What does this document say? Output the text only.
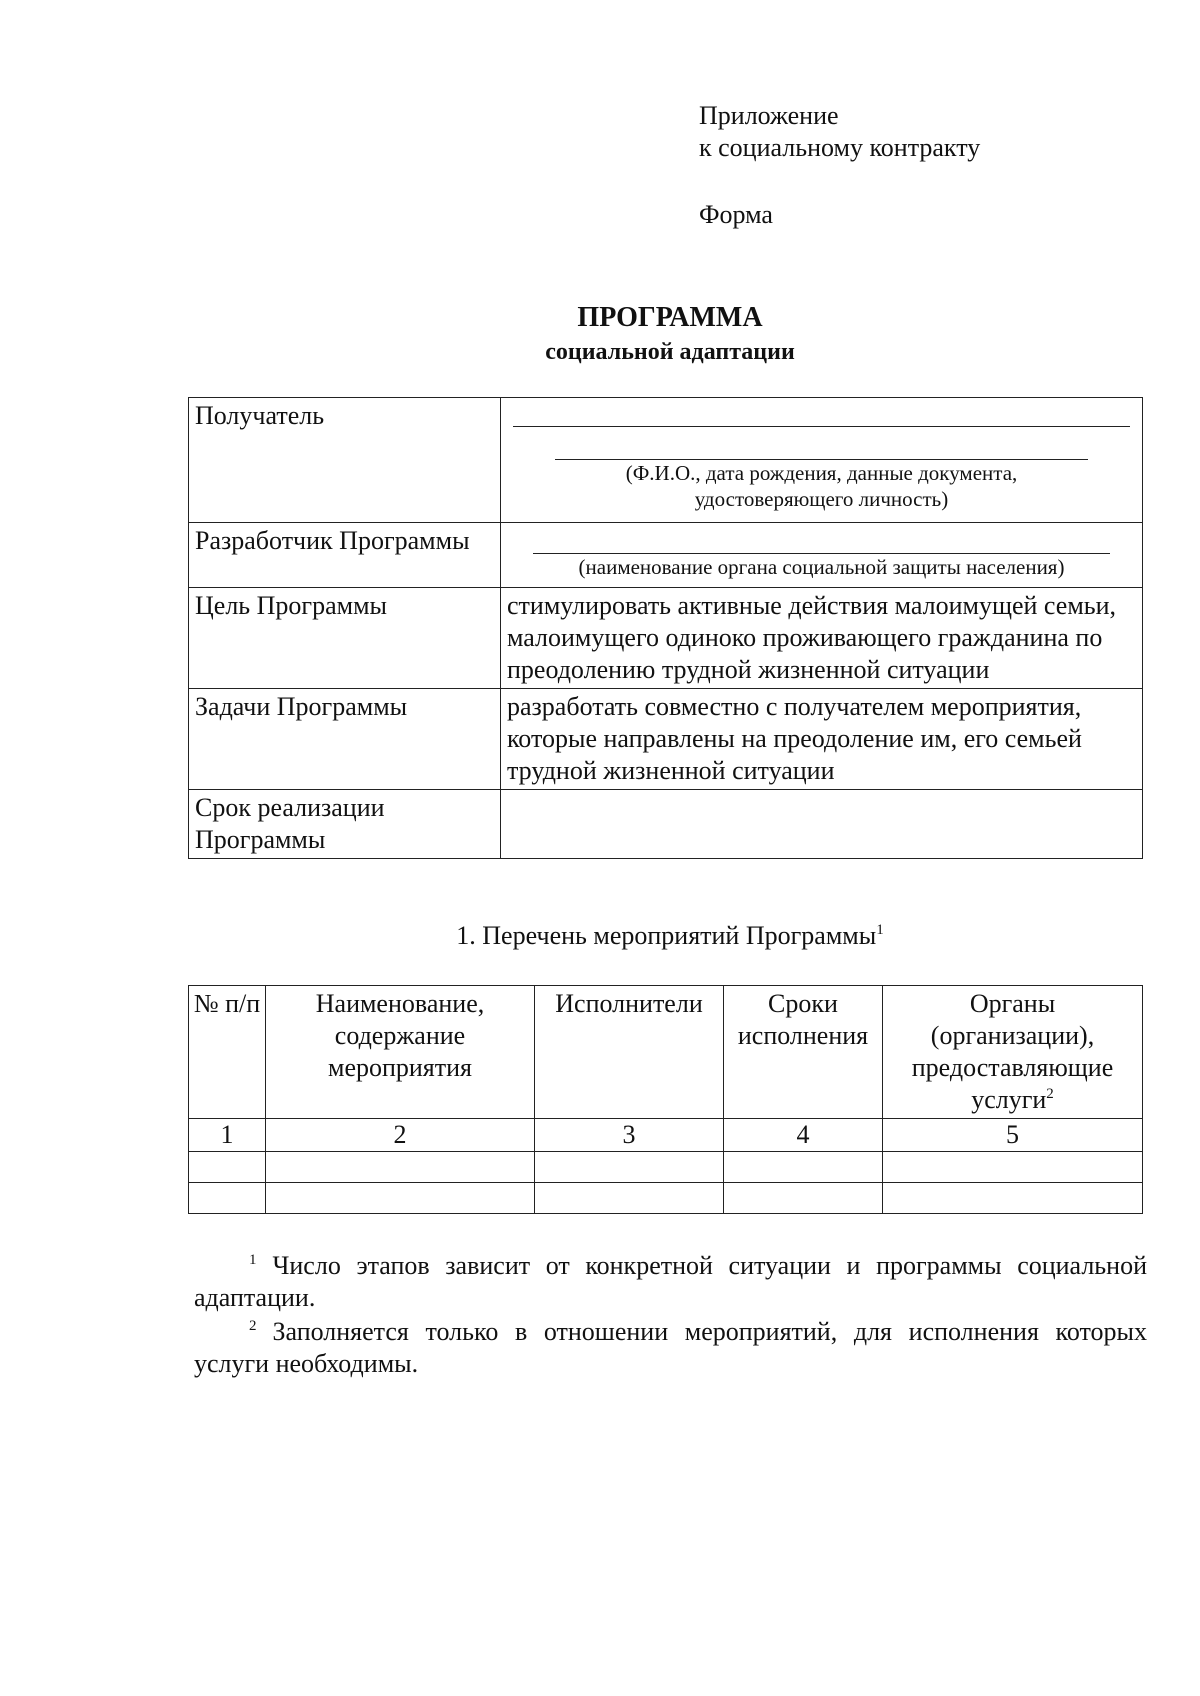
Приложение
к социальному контракту
Форма
ПРОГРАММА
социальной адаптации
Получатель	(Ф.И.О., дата рождения, данные документа, удостоверяющего личность)

Разработчик Программы	(наименование органа социальной защиты населения)

Цель Программы	стимулировать активные действия малоимущей семьи, малоимущего одиноко проживающего гражданина по преодолению трудной жизненной ситуации
Задачи Программы	разработать совместно с получателем мероприятия, которые направлены на преодоление им, его семьей трудной жизненной ситуации
Срок реализации Программы	
1. Перечень мероприятий Программы$^1$
№ п/п	Наименование, содержание мероприятия	Исполнители	Сроки исполнения	Органы (организации), предоставляющие услуги$^2$
1	2	3	4	5

$^1$ Число этапов зависит от конкретной ситуации и программы социальной адаптации.
$^2$ Заполняется только в отношении мероприятий, для исполнения которых услуги необходимы.
